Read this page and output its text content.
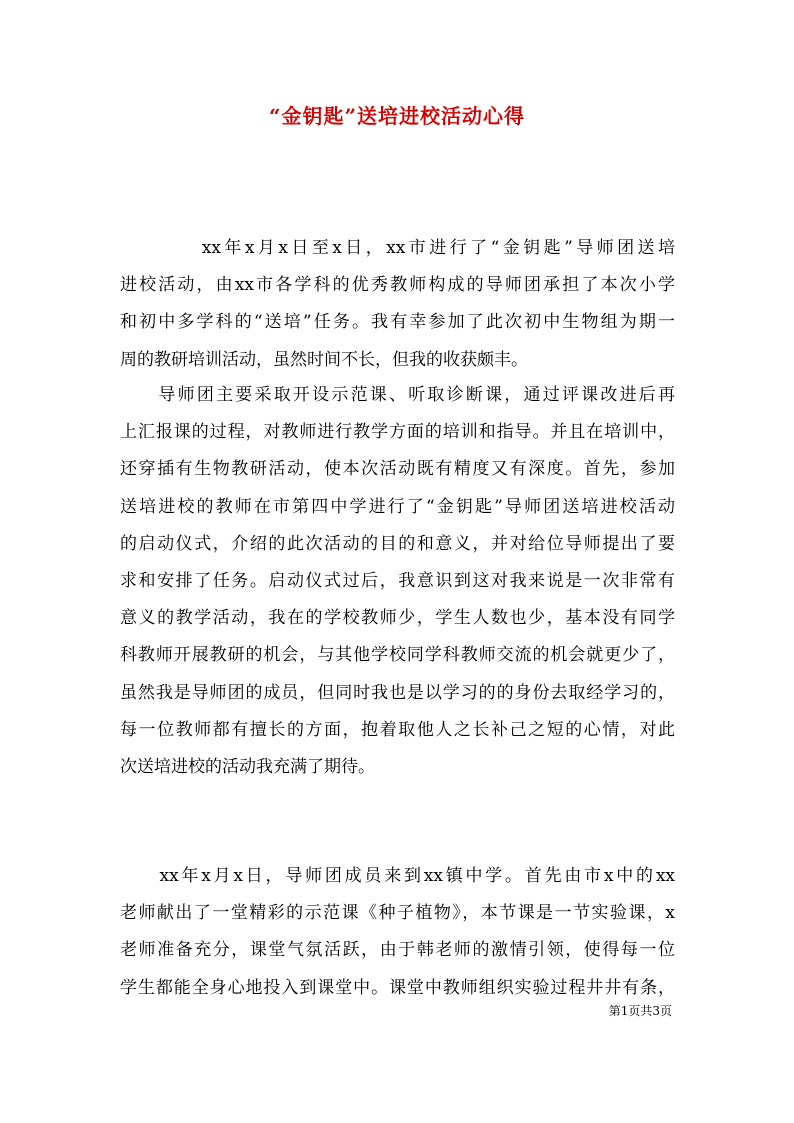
“金钥匙”送培进校活动心得
　　　　xx年x月x日至x日，xx市进行了“金钥匙”导师团送培
进校活动，由xx市各学科的优秀教师构成的导师团承担了本次小学
和初中多学科的“送培”任务。我有幸参加了此次初中生物组为期一
周的教研培训活动，虽然时间不长，但我的收获颇丰。
　　导师团主要采取开设示范课、听取诊断课，通过评课改进后再
上汇报课的过程，对教师进行教学方面的培训和指导。并且在培训中，
还穿插有生物教研活动，使本次活动既有精度又有深度。首先，参加
送培进校的教师在市第四中学进行了“金钥匙”导师团送培进校活动
的启动仪式，介绍的此次活动的目的和意义，并对给位导师提出了要
求和安排了任务。启动仪式过后，我意识到这对我来说是一次非常有
意义的教学活动，我在的学校教师少，学生人数也少，基本没有同学
科教师开展教研的机会，与其他学校同学科教师交流的机会就更少了，
虽然我是导师团的成员，但同时我也是以学习的的身份去取经学习的，
每一位教师都有擅长的方面，抱着取他人之长补己之短的心情，对此
次送培进校的活动我充满了期待。
　　xx年x月x日，导师团成员来到xx镇中学。首先由市x中的xx
老师献出了一堂精彩的示范课《种子植物》，本节课是一节实验课，x
老师准备充分，课堂气氛活跃，由于韩老师的激情引领，使得每一位
学生都能全身心地投入到课堂中。课堂中教师组织实验过程井井有条，
第1页共3页
